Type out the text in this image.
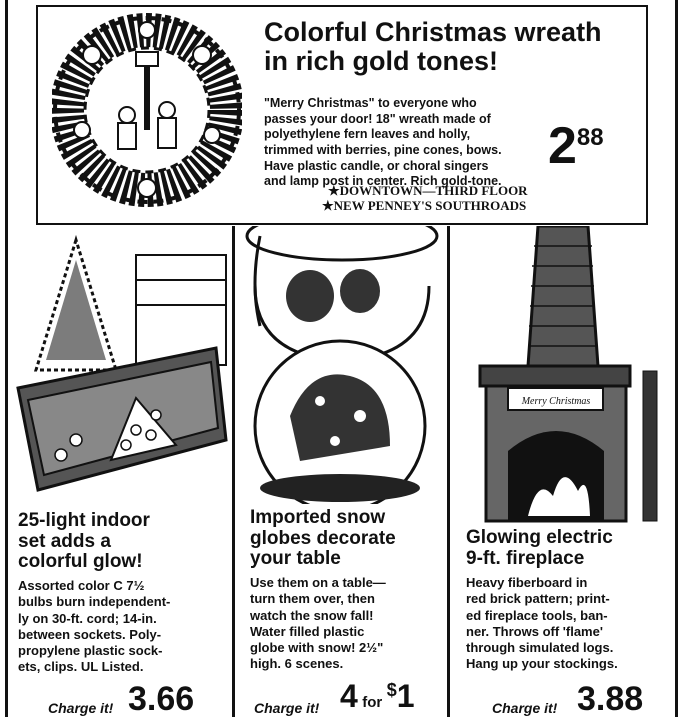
Colorful Christmas wreath
in rich gold tones!
"Merry Christmas" to everyone who
passes your door! 18" wreath made of
polyethylene fern leaves and holly,
trimmed with berries, pine cones, bows.
Have plastic candle, or choral singers
and lamp post in center. Rich gold-tone.
288
★DOWNTOWN—THIRD FLOOR
★NEW PENNEY'S SOUTHROADS
25-light indoor
set adds a
colorful glow!
Assorted color C 7½
bulbs burn independent-
ly on 30-ft. cord; 14-in.
between sockets. Poly-
propylene plastic sock-
ets, clips. UL Listed.
Charge it! 3.66
Imported snow
globes decorate
your table
Use them on a table—
turn them over, then
watch the snow fall!
Water filled plastic
globe with snow! 2½"
high. 6 scenes.
Charge it! 4 for $1
Merry Christmas
Glowing electric
9-ft. fireplace
Heavy fiberboard in
red brick pattern; print-
ed fireplace tools, ban-
ner. Throws off 'flame'
through simulated logs.
Hang up your stockings.
Charge it! 3.88
